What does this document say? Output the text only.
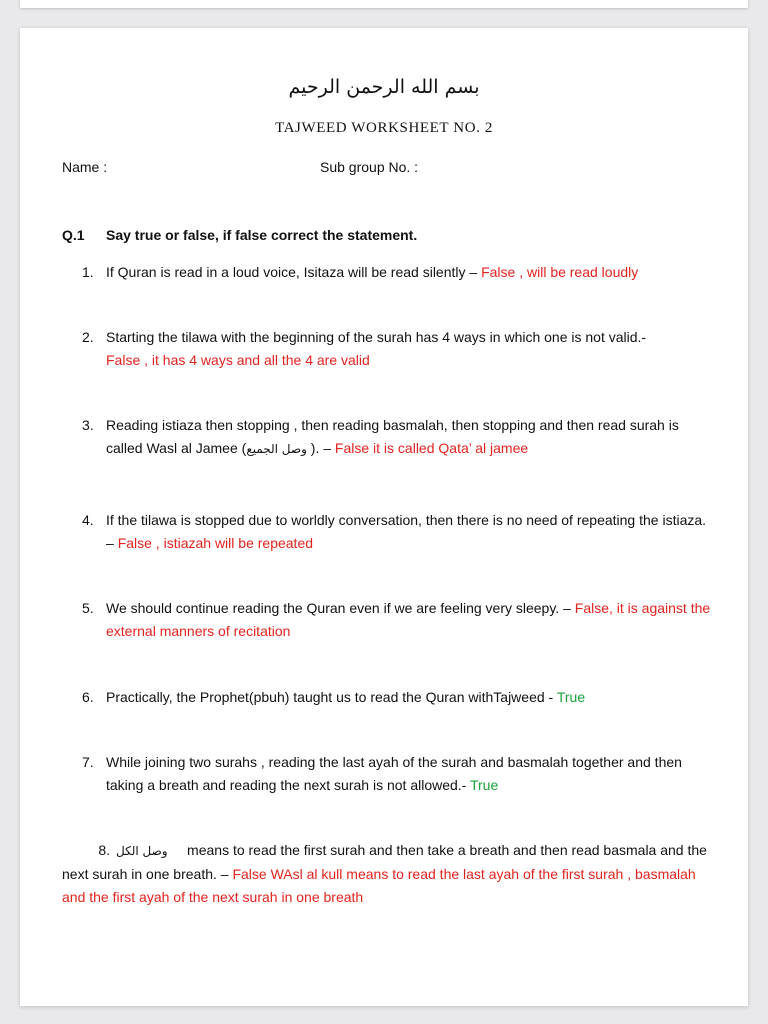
بسم الله الرحمن الرحيم
TAJWEED WORKSHEET NO. 2
Name :	Sub group No. :
Q.1 Say true or false, if false correct the statement.
1. If Quran is read in a loud voice, Isitaza will be read silently – False , will be read loudly
2. Starting the tilawa with the beginning of the surah has 4 ways in which one is not valid.-
False , it has 4 ways and all the 4 are valid
3. Reading istiaza then stopping , then reading basmalah, then stopping and then read surah is called Wasl al Jamee (وصل الجميع ). – False it is called Qata’ al jamee
4. If the tilawa is stopped due to worldly conversation, then there is no need of repeating the istiaza. – False , istiazah will be repeated
5. We should continue reading the Quran even if we are feeling very sleepy. – False, it is against the external manners of recitation
6. Practically, the Prophet(pbuh) taught us to read the Quran withTajweed - True
7. While joining two surahs , reading the last ayah of the surah and basmalah together and then taking a breath and reading the next surah is not allowed.- True
8. وصل الكل     means to read the first surah and then take a breath and then read basmala and the next surah in one breath. – False WAsl al kull means to read the last ayah of the first surah , basmalah and the first ayah of the next surah in one breath
